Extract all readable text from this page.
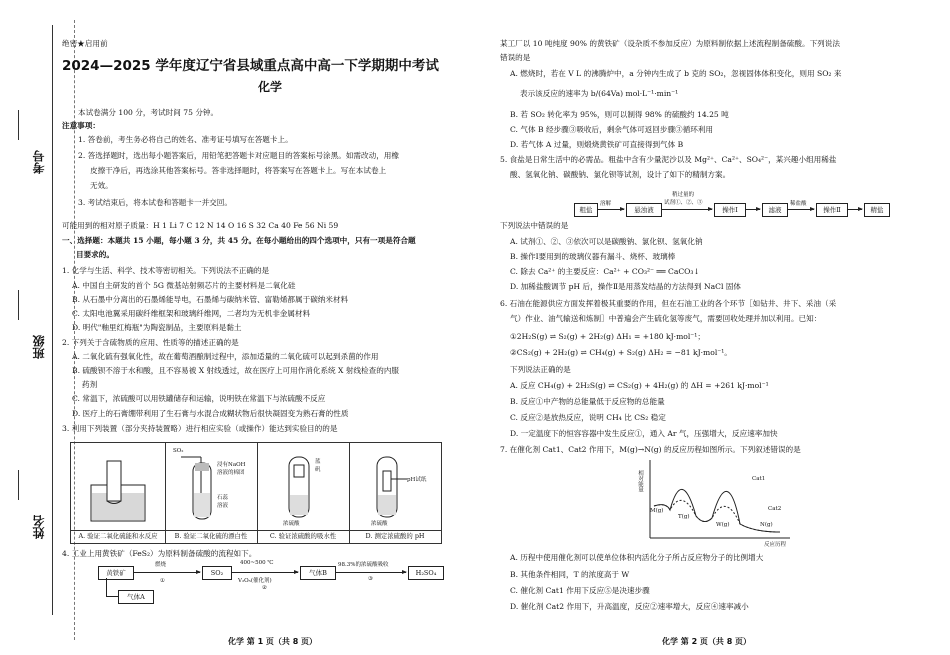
考号
班级
姓名
绝密★启用前
2024—2025 学年度辽宁省县域重点高中高一下学期期中考试
化学
本试卷满分 100 分，考试时间 75 分钟。
注意事项：
1. 答卷前，考生务必将自己的姓名、准考证号填写在答题卡上。
2. 答选择题时，选出每小题答案后，用铅笔把答题卡对应题目的答案标号涂黑。如需改动，用橡
皮擦干净后，再选涂其他答案标号。答非选择题时，将答案写在答题卡上。写在本试卷上
无效。
3. 考试结束后，将本试卷和答题卡一并交回。
可能用到的相对原子质量：H 1 Li 7 C 12 N 14 O 16 S 32 Ca 40 Fe 56 Ni 59
一、选择题：本题共 15 小题，每小题 3 分，共 45 分。在每小题给出的四个选项中，只有一项是符合题
目要求的。
1. 化学与生活、科学、技术等密切相关。下列说法不正确的是
A. 中国自主研发的首个 5G 微基站射频芯片的主要材料是二氧化硅
B. 从石墨中分离出的石墨烯能导电，石墨烯与碳纳米管、富勒烯都属于碳纳米材料
C. 太阳电池翼采用碳纤维框架和玻璃纤维网，二者均为无机非金属材料
D. 明代"釉里红梅瓶"为陶瓷制品，主要原料是黏土
2. 下列关于含硫物质的应用、性质等的描述正确的是
A. 二氧化硫有强氧化性，故在葡萄酒酿制过程中，添加适量的二氧化硫可以起到杀菌的作用
B. 硫酸钡不溶于水和酸，且不容易被 X 射线透过，故在医疗上可用作消化系统 X 射线检查的内服
药剂
C. 常温下，浓硫酸可以用铁罐储存和运输，说明铁在常温下与浓硫酸不反应
D. 医疗上的石膏绷带利用了生石膏与水混合成糊状物后很快凝固变为熟石膏的性质
3. 利用下列装置（部分夹持装置略）进行相应实验（或操作）能达到实验目的的是
A. 验证二氧化硫能和水反应
SO₂
浸有NaOH
溶液的棉团
石蕊
溶液
B. 验证二氧化硫的漂白性
蓝
矾
浓硫酸
C. 验证浓硫酸的吸水性
pH试纸
浓硫酸
D. 测定浓硫酸的 pH
4. 工业上用黄铁矿（FeS₂）为原料制备硫酸的流程如下。
黄铁矿	SO₂	气体B	H₂SO₄
气体A
燃烧	400~500 ℃
V₂O₅(催化剂)
98.3%的浓硫酸吸收
①
②
③
化学 第 1 页（共 8 页）
某工厂以 10 吨纯度 90% 的黄铁矿（设杂质不参加反应）为原料制依据上述流程制备硫酸。下列说法
错误的是
A. 燃烧时，若在 V L 的沸腾炉中，a 分钟内生成了 b 克的 SO₂，忽视固体体积变化，则用 SO₂ 来
表示该反应的速率为 b/(64Va) mol·L⁻¹·min⁻¹
B. 若 SO₂ 转化率为 95%，则可以制得 98% 的硫酸约 14.25 吨
C. 气体 B 经步骤③吸收后，剩余气体可返回步骤③循环利用
D. 若气体 A 过量，则煅烧黄铁矿可直接得到气体 B
5. 食盐是日常生活中的必需品。粗盐中含有少量泥沙以及 Mg²⁺、Ca²⁺、SO₄²⁻，某兴趣小组用稀盐
酸、氢氧化钠、碳酸钠、氯化钡等试剂，设计了如下的精制方案。
粗盐	悬浊液	操作Ⅰ	滤液	操作Ⅱ	精盐
溶解
稍过量的
试剂①、②、③	稀盐酸
下列说法中错误的是
A. 试剂①、②、③依次可以是碳酸钠、氯化钡、氢氧化钠
B. 操作Ⅰ要用到的玻璃仪器有漏斗、烧杯、玻璃棒
C. 除去 Ca²⁺ 的主要反应：Ca²⁺ + CO₃²⁻ ══ CaCO₃↓
D. 加稀盐酸调节 pH 后，操作Ⅱ是用蒸发结晶的方法得到 NaCl 固体
6. 石油在能源供应方面发挥着极其重要的作用，但在石油工业的各个环节［如钻井、井下、采油（采
气）作业、油气输送和炼制］中普遍会产生硫化氢等废气，需要回收处理并加以利用。已知：
①2H₂S(g) ⇌ S₂(g) + 2H₂(g) ΔH₁ = +180 kJ·mol⁻¹；
②CS₂(g) + 2H₂(g) ⇌ CH₄(g) + S₂(g) ΔH₂ = −81 kJ·mol⁻¹。
下列说法正确的是
A. 反应 CH₄(g) + 2H₂S(g) ⇌ CS₂(g) + 4H₂(g) 的 ΔH = +261 kJ·mol⁻¹
B. 反应①中产物的总能量低于反应物的总能量
C. 反应②是放热反应，说明 CH₄ 比 CS₂ 稳定
D. 一定温度下的恒容容器中发生反应①，通入 Ar 气，压强增大，反应速率加快
7. 在催化剂 Cat1、Cat2 作用下，M(g)→N(g) 的反应历程如图所示。下列叙述错误的是
相对能量
反应历程
Cat1
Cat2
M(g)
T(g)
W(g)	N(g)
A. 历程中使用催化剂可以使单位体积内活化分子所占反应物分子的比例增大
B. 其他条件相同，T 的浓度高于 W
C. 催化剂 Cat1 作用下反应⑤是决速步骤
D. 催化剂 Cat2 作用下，升高温度，反应②速率增大，反应④速率减小
化学 第 2 页（共 8 页）
